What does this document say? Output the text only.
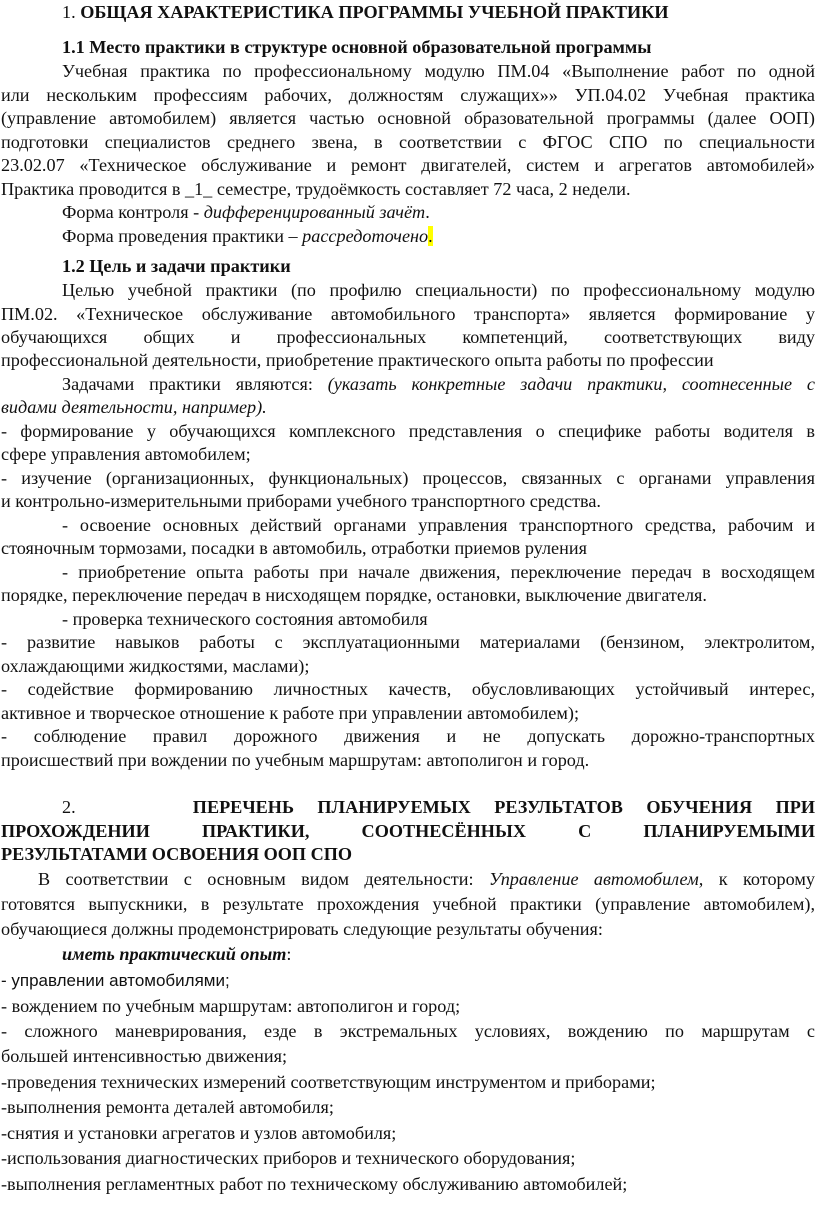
1. ОБЩАЯ ХАРАКТЕРИСТИКА ПРОГРАММЫ УЧЕБНОЙ ПРАКТИКИ
1.1 Место практики в структуре основной образовательной программы
Учебная практика по профессиональному модулю ПМ.04 «Выполнение работ по одной
или нескольким профессиям рабочих, должностям служащих»» УП.04.02 Учебная практика
(управление автомобилем) является частью основной образовательной программы (далее ООП)
подготовки специалистов среднего звена, в соответствии с ФГОС СПО по специальности
23.02.07 «Техническое обслуживание и ремонт двигателей, систем и агрегатов автомобилей»
Практика проводится в _1_ семестре, трудоёмкость составляет 72 часа, 2 недели.
Форма контроля - дифференцированный зачёт.
Форма проведения практики – рассредоточено.
1.2 Цель и задачи практики
Целью учебной практики (по профилю специальности) по профессиональному модулю
ПМ.02. «Техническое обслуживание автомобильного транспорта» является формирование у
обучающихся общих и профессиональных компетенций, соответствующих виду
профессиональной деятельности, приобретение практического опыта работы по профессии
Задачами практики являются: (указать конкретные задачи практики, соотнесенные с
видами деятельности, например).
- формирование у обучающихся комплексного представления о специфике работы водителя в
сфере управления автомобилем;
- изучение (организационных, функциональных) процессов, связанных с органами управления
и контрольно-измерительными приборами учебного транспортного средства.
- освоение основных действий органами управления транспортного средства, рабочим и
стояночным тормозами, посадки в автомобиль, отработки приемов руления
- приобретение опыта работы при начале движения, переключение передач в восходящем
порядке, переключение передач в нисходящем порядке, остановки, выключение двигателя.
- проверка технического состояния автомобиля
- развитие навыков работы с эксплуатационными материалами (бензином, электролитом,
охлаждающими жидкостями, маслами);
- содействие формированию личностных качеств, обусловливающих устойчивый интерес,
активное и творческое отношение к работе при управлении автомобилем);
- соблюдение правил дорожного движения и не допускать дорожно-транспортных
происшествий при вождении по учебным маршрутам: автополигон и город.
2.	ПЕРЕЧЕНЬ ПЛАНИРУЕМЫХ РЕЗУЛЬТАТОВ ОБУЧЕНИЯ ПРИ
ПРОХОЖДЕНИИ ПРАКТИКИ, СООТНЕСЁННЫХ С ПЛАНИРУЕМЫМИ
РЕЗУЛЬТАТАМИ ОСВОЕНИЯ ООП СПО
В соответствии с основным видом деятельности: Управление автомобилем, к которому
готовятся выпускники, в результате прохождения учебной практики (управление автомобилем),
обучающиеся должны продемонстрировать следующие результаты обучения:
иметь практический опыт:
- управлении автомобилями;
- вождением по учебным маршрутам: автополигон и город;
- сложного маневрирования, езде в экстремальных условиях, вождению по маршрутам с
большей интенсивностью движения;
-проведения технических измерений соответствующим инструментом и приборами;
-выполнения ремонта деталей автомобиля;
-снятия и установки агрегатов и узлов автомобиля;
-использования диагностических приборов и технического оборудования;
-выполнения регламентных работ по техническому обслуживанию автомобилей;
